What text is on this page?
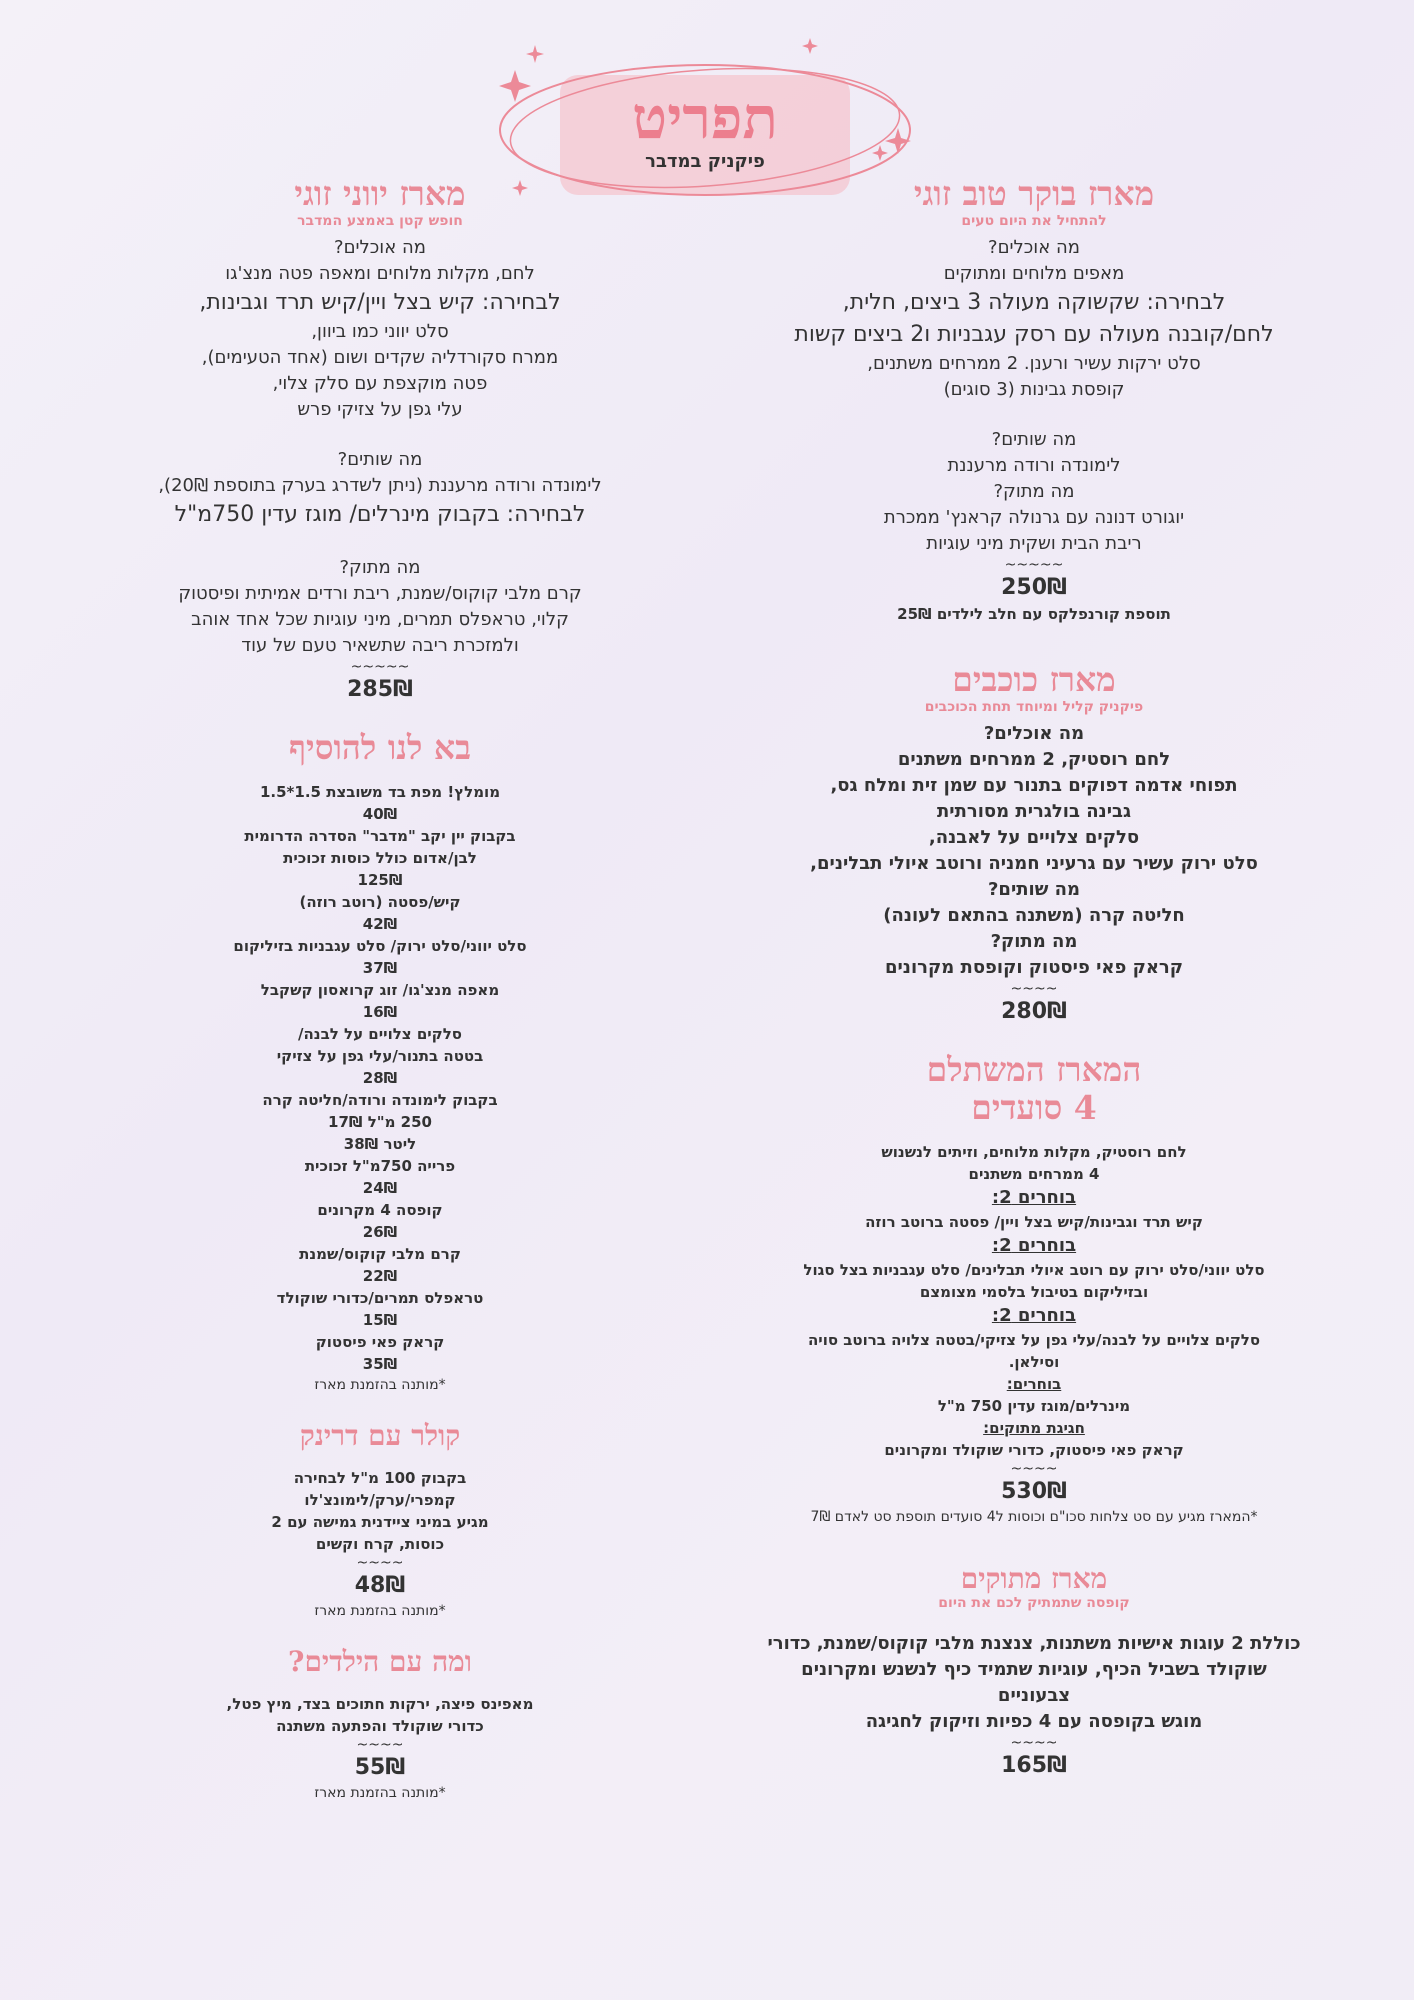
תפריט

פיקניק במדבר

מארז בוקר טוב זוגי

להתחיל את היום טעים

מה אוכלים?

מאפים מלוחים ומתוקים

לבחירה: שקשוקה מעולה 3 ביצים, חלית,

לחם/קובנה מעולה עם רסק עגבניות ו2 ביצים קשות

סלט ירקות עשיר ורענן. 2 ממרחים משתנים,

קופסת גבינות (3 סוגים)

מה שותים?

לימונדה ורודה מרעננת

מה מתוק?

יוגורט דנונה עם גרנולה קראנץ' ממכרת

ריבת הבית ושקית מיני עוגיות

~~~~~

250₪

תוספת קורנפלקס עם חלב לילדים 25₪

מארז כוכבים

פיקניק קליל ומיוחד תחת הכוכבים

מה אוכלים?

לחם רוסטיק, 2 ממרחים משתנים

תפוחי אדמה דפוקים בתנור עם שמן זית ומלח גס,

גבינה בולגרית מסורתית

סלקים צלויים על לאבנה,

סלט ירוק עשיר עם גרעיני חמניה ורוטב איולי תבלינים,

מה שותים?

חליטה קרה (משתנה בהתאם לעונה)

מה מתוק?

קראק פאי פיסטוק וקופסת מקרונים

~~~~

280₪

המארז המשתלם
4 סועדים

לחם רוסטיק, מקלות מלוחים, וזיתים לנשנוש

4 ממרחים משתנים

בוחרים 2:

קיש תרד וגבינות/קיש בצל ויין/ פסטה ברוטב רוזה

בוחרים 2:

סלט יווני/סלט ירוק עם רוטב איולי תבלינים/ סלט עגבניות בצל סגול

ובזיליקום בטיבול בלסמי מצומצם

בוחרים 2:

סלקים צלויים על לבנה/עלי גפן על צזיקי/בטטה צלויה ברוטב סויה

וסילאן.

בוחרים:

מינרלים/מוגז עדין 750 מ"ל

חגיגת מתוקים:

קראק פאי פיסטוק, כדורי שוקולד ומקרונים

~~~~

530₪

*המארז מגיע עם סט צלחות סכו"ם וכוסות ל4 סועדים תוספת סט לאדם 7₪

מארז מתוקים

קופסה שתמתיק לכם את היום

כוללת 2 עוגות אישיות משתנות, צנצנת מלבי קוקוס/שמנת, כדורי

שוקולד בשביל הכיף, עוגיות שתמיד כיף לנשנש ומקרונים

צבעוניים

מוגש בקופסה עם 4 כפיות וזיקוק לחגיגה

~~~~

165₪

מארז יווני זוגי

חופש קטן באמצע המדבר

מה אוכלים?

לחם, מקלות מלוחים ומאפה פטה מנצ'גו

לבחירה: קיש בצל ויין/קיש תרד וגבינות,

סלט יווני כמו ביוון,

ממרח סקורדליה שקדים ושום (אחד הטעימים),

פטה מוקצפת עם סלק צלוי,

עלי גפן על צזיקי פרש

מה שותים?

לימונדה ורודה מרעננת (ניתן לשדרג בערק בתוספת 20₪),

לבחירה: בקבוק מינרלים/ מוגז עדין 750מ"ל

מה מתוק?

קרם מלבי קוקוס/שמנת, ריבת ורדים אמיתית ופיסטוק

קלוי, טראפלס תמרים, מיני עוגיות שכל אחד אוהב

ולמזכרת ריבה שתשאיר טעם של עוד

~~~~~

285₪

בא לנו להוסיף

מומלץ! מפת בד משובצת 1.5*1.5

40₪

בקבוק יין יקב "מדבר" הסדרה הדרומית

לבן/אדום כולל כוסות זכוכית

125₪

קיש/פסטה (רוטב רוזה)

42₪

סלט יווני/סלט ירוק/ סלט עגבניות בזיליקום

37₪

מאפה מנצ'גו/ זוג קרואסון קשקבל

16₪

סלקים צלויים על לבנה/

בטטה בתנור/עלי גפן על צזיקי

28₪

בקבוק לימונדה ורודה/חליטה קרה

250 מ"ל 17₪

ליטר 38₪

פרייה 750מ"ל זכוכית

24₪

קופסה 4 מקרונים

26₪

קרם מלבי קוקוס/שמנת

22₪

טראפלס תמרים/כדורי שוקולד

15₪

קראק פאי פיסטוק

35₪

*מותנה בהזמנת מארז

קולר עם דרינק

בקבוק 100 מ"ל לבחירה

קמפרי/ערק/לימונצ'לו

מגיע במיני ציידנית גמישה עם 2

כוסות, קרח וקשים

~~~~

48₪

*מותנה בהזמנת מארז

ומה עם הילדים?

מאפינס פיצה, ירקות חתוכים בצד, מיץ פטל,

כדורי שוקולד והפתעה משתנה

~~~~

55₪

*מותנה בהזמנת מארז
